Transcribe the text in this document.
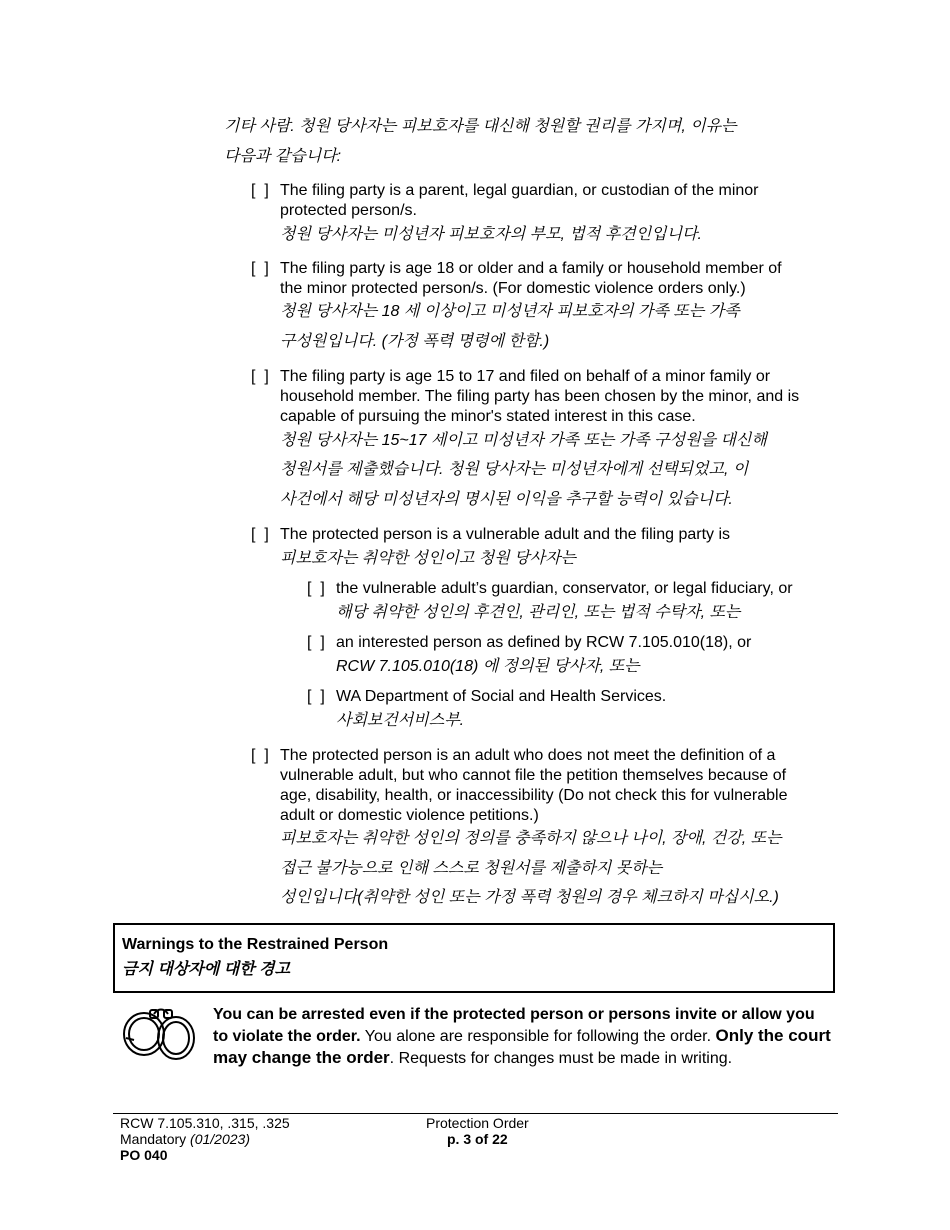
기타 사람. 청원 당사자는 피보호자를 대신해 청원할 권리를 가지며, 이유는
다음과 같습니다:
[  ] The filing party is a parent, legal guardian, or custodian of the minor
protected person/s.
청원 당사자는 미성년자 피보호자의 부모, 법적 후견인입니다.
[  ] The filing party is age 18 or older and a family or household member of
the minor protected person/s. (For domestic violence orders only.)
청원 당사자는 18 세 이상이고 미성년자 피보호자의 가족 또는 가족
구성원입니다. (가정 폭력 명령에 한함.)
[  ] The filing party is age 15 to 17 and filed on behalf of a minor family or
household member. The filing party has been chosen by the minor, and is
capable of pursuing the minor's stated interest in this case.
청원 당사자는 15~17 세이고 미성년자 가족 또는 가족 구성원을 대신해
청원서를 제출했습니다. 청원 당사자는 미성년자에게 선택되었고, 이
사건에서 해당 미성년자의 명시된 이익을 추구할 능력이 있습니다.
[  ] The protected person is a vulnerable adult and the filing party is
피보호자는 취약한 성인이고 청원 당사자는
[  ] the vulnerable adult’s guardian, conservator, or legal fiduciary, or
해당 취약한 성인의 후견인, 관리인, 또는 법적 수탁자, 또는
[  ] an interested person as defined by RCW 7.105.010(18), or
RCW 7.105.010(18) 에 정의된 당사자, 또는
[  ] WA Department of Social and Health Services.
사회보건서비스부.
[  ] The protected person is an adult who does not meet the definition of a
vulnerable adult, but who cannot file the petition themselves because of
age, disability, health, or inaccessibility (Do not check this for vulnerable
adult or domestic violence petitions.)
피보호자는 취약한 성인의 정의를 충족하지 않으나 나이, 장애, 건강, 또는
접근 불가능으로 인해 스스로 청원서를 제출하지 못하는
성인입니다(취약한 성인 또는 가정 폭력 청원의 경우 체크하지 마십시오.)
Warnings to the Restrained Person
금지 대상자에 대한 경고
You can be arrested even if the protected person or persons invite or allow you to violate the order. You alone are responsible for following the order. Only the court may change the order. Requests for changes must be made in writing.
RCW 7.105.310, .315, .325
Mandatory (01/2023)
PO 040
Protection Order
p. 3 of 22
